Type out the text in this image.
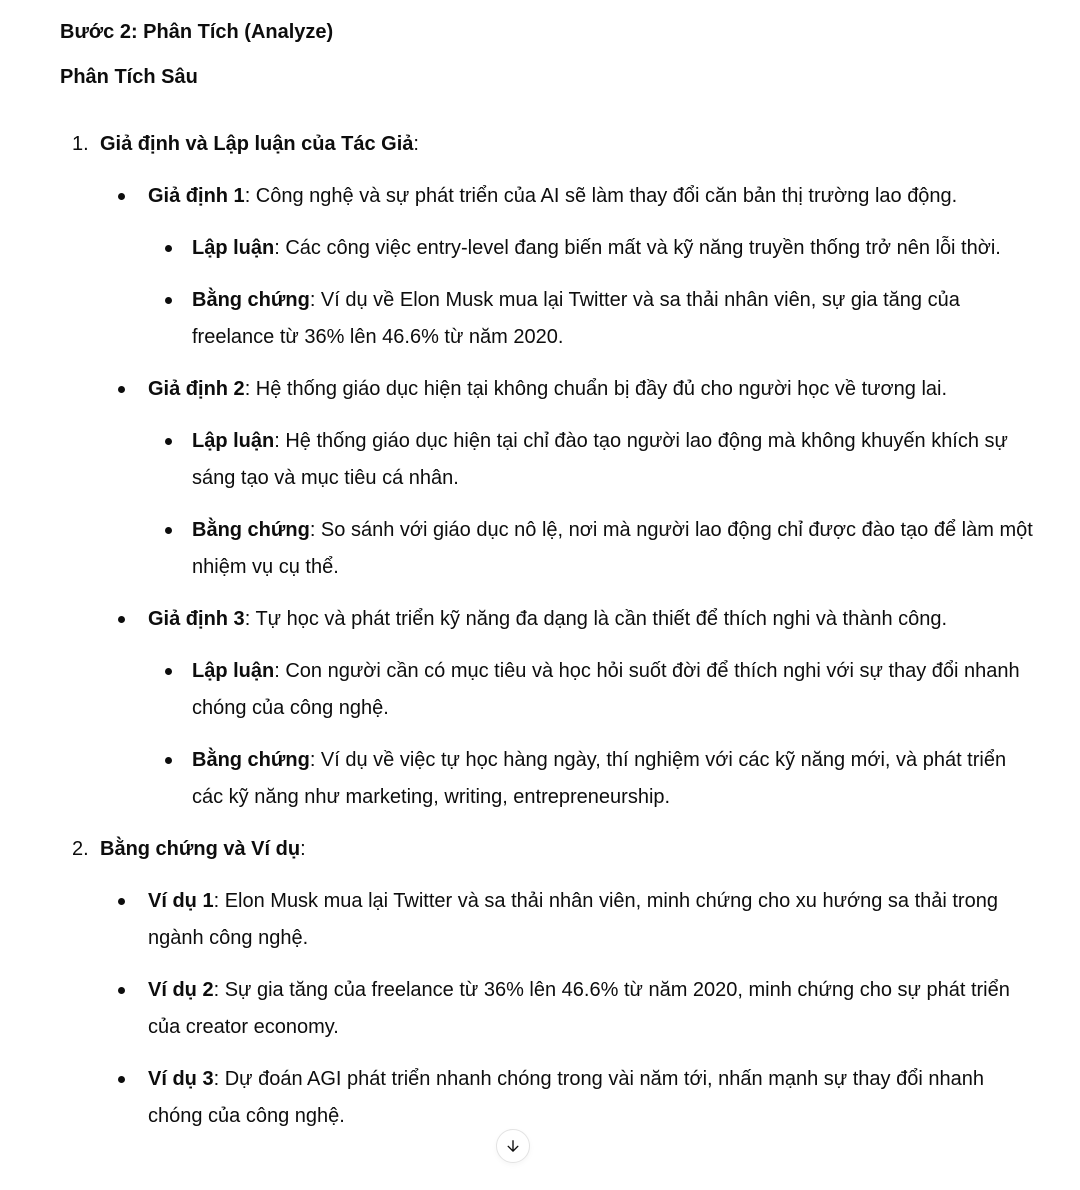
Bước 2: Phân Tích (Analyze)
Phân Tích Sâu
1. Giả định và Lập luận của Tác Giả:
Giả định 1: Công nghệ và sự phát triển của AI sẽ làm thay đổi căn bản thị trường lao động.
Lập luận: Các công việc entry-level đang biến mất và kỹ năng truyền thống trở nên lỗi thời.
Bằng chứng: Ví dụ về Elon Musk mua lại Twitter và sa thải nhân viên, sự gia tăng của freelance từ 36% lên 46.6% từ năm 2020.
Giả định 2: Hệ thống giáo dục hiện tại không chuẩn bị đầy đủ cho người học về tương lai.
Lập luận: Hệ thống giáo dục hiện tại chỉ đào tạo người lao động mà không khuyến khích sự sáng tạo và mục tiêu cá nhân.
Bằng chứng: So sánh với giáo dục nô lệ, nơi mà người lao động chỉ được đào tạo để làm một nhiệm vụ cụ thể.
Giả định 3: Tự học và phát triển kỹ năng đa dạng là cần thiết để thích nghi và thành công.
Lập luận: Con người cần có mục tiêu và học hỏi suốt đời để thích nghi với sự thay đổi nhanh chóng của công nghệ.
Bằng chứng: Ví dụ về việc tự học hàng ngày, thí nghiệm với các kỹ năng mới, và phát triển các kỹ năng như marketing, writing, entrepreneurship.
2. Bằng chứng và Ví dụ:
Ví dụ 1: Elon Musk mua lại Twitter và sa thải nhân viên, minh chứng cho xu hướng sa thải trong ngành công nghệ.
Ví dụ 2: Sự gia tăng của freelance từ 36% lên 46.6% từ năm 2020, minh chứng cho sự phát triển của creator economy.
Ví dụ 3: Dự đoán AGI phát triển nhanh chóng trong vài năm tới, nhấn mạnh sự thay đổi nhanh chóng của công nghệ.
